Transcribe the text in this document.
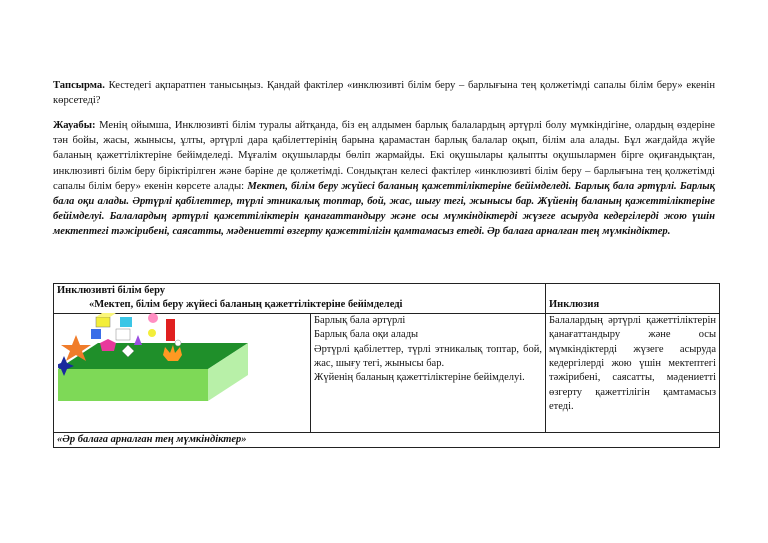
Тапсырма. Кестедегі ақпаратпен танысыңыз. Қандай фактілер «инклюзивті білім беру – барлығына тең қолжетімді сапалы білім беру» екенін көрсетеді?
Жауабы: Менің ойымша, Инклюзивті білім туралы айтқанда, біз ең алдымен барлық балалардың әртүрлі болу мүмкіндігіне, олардың өздеріне тән бойы, жасы, жынысы, ұлты, әртүрлі дара қабілеттерінің барына қарамастан барлық балалар оқып, білім ала алады. Бұл жағдайда жүйе баланың қажеттіліктеріне бейімделеді. Мұғалім оқушыларды бөліп жармайды. Екі оқушылары қалыпты оқушылармен бірге оқиғандықтан, инклюзивті білім беру біріктірілген және бәріне де қолжетімді. Сондықтан келесі фактілер «инклюзивті білім беру – барлығына тең қолжетімді сапалы білім беру» екенін көрсете алады: Мектеп, білім беру жүйесі баланың қажеттіліктеріне бейімделеді. Барлық бала әртүрлі. Барлық бала оқи алады. Әртүрлі қабілеттер, түрлі этникалық топтар, бой, жас, шығу тегі, жынысы бар. Жүйенің баланың қажеттіліктеріне бейімделуі. Балалардың әртүрлі қажеттіліктерін қанағаттандыру және осы мүмкіндіктерді жүзеге асыруда кедергілерді жою үшін мектептегі тәжірибені, саясатты, мәдениетті өзгерту қажеттілігін қамтамасыз етеді. Әр балаға арналған тең мүмкіндіктер.
Инклюзивті білім беру
«Мектеп, білім беру жүйесі баланың қажеттіліктеріне бейімделеді		Инклюзия

	Барлық бала әртүрлі
Барлық бала оқи алады
Әртүрлі қабілеттер, түрлі этникалық топтар, бой, жас, шығу тегі, жынысы бар.
Жүйенің баланың қажеттіліктеріне бейімделуі.	Балалардың әртүрлі қажеттіліктерін қанағаттандыру және осы мүмкіндіктерді жүзеге асыруда кедергілерді жою үшін мектептегі тәжірибені, саясатты, мәдениетті өзгерту қажеттілігін қамтамасыз етеді.
«Әр балаға арналған тең мүмкіндіктер»		
